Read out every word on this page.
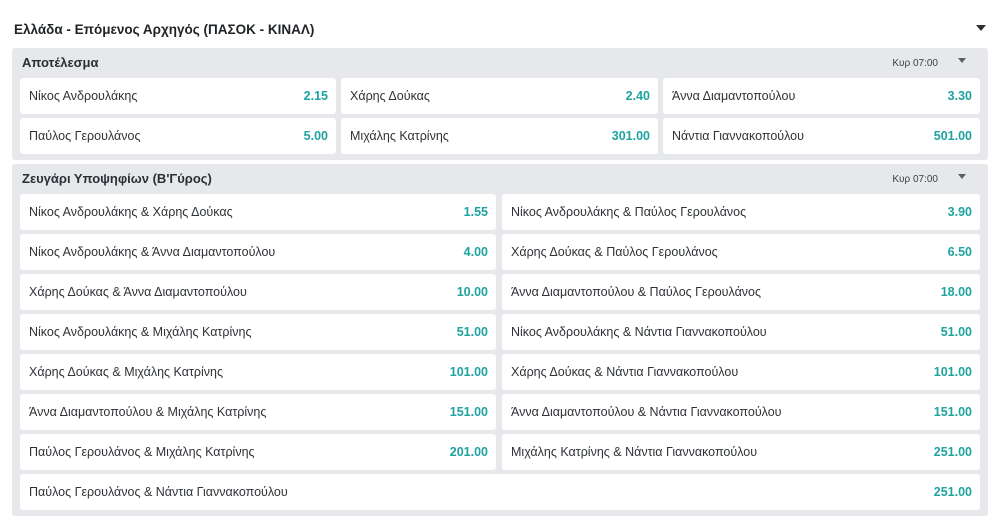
Ελλάδα - Επόμενος Αρχηγός (ΠΑΣΟΚ - ΚΙΝΑΛ)
Αποτέλεσμα	Κυρ 07:00
Νίκος Ανδρουλάκης	2.15 Χάρης Δούκας	2.40 Άννα Διαμαντοπούλου	3.30
Παύλος Γερουλάνος	5.00 Μιχάλης Κατρίνης	301.00 Νάντια Γιαννακοπούλου	501.00
Ζευγάρι Υποψηφίων (Β'Γύρος)	Κυρ 07:00
Νίκος Ανδρουλάκης & Χάρης Δούκας	1.55 Νίκος Ανδρουλάκης & Παύλος Γερουλάνος	3.90
Νίκος Ανδρουλάκης & Άννα Διαμαντοπούλου	4.00 Χάρης Δούκας & Παύλος Γερουλάνος	6.50
Χάρης Δούκας & Άννα Διαμαντοπούλου	10.00 Άννα Διαμαντοπούλου & Παύλος Γερουλάνος	18.00
Νίκος Ανδρουλάκης & Μιχάλης Κατρίνης	51.00 Νίκος Ανδρουλάκης & Νάντια Γιαννακοπούλου	51.00
Χάρης Δούκας & Μιχάλης Κατρίνης	101.00 Χάρης Δούκας & Νάντια Γιαννακοπούλου	101.00
Άννα Διαμαντοπούλου & Μιχάλης Κατρίνης	151.00 Άννα Διαμαντοπούλου & Νάντια Γιαννακοπούλου	151.00
Παύλος Γερουλάνος & Μιχάλης Κατρίνης	201.00 Μιχάλης Κατρίνης & Νάντια Γιαννακοπούλου	251.00
Παύλος Γερουλάνος & Νάντια Γιαννακοπούλου	251.00
